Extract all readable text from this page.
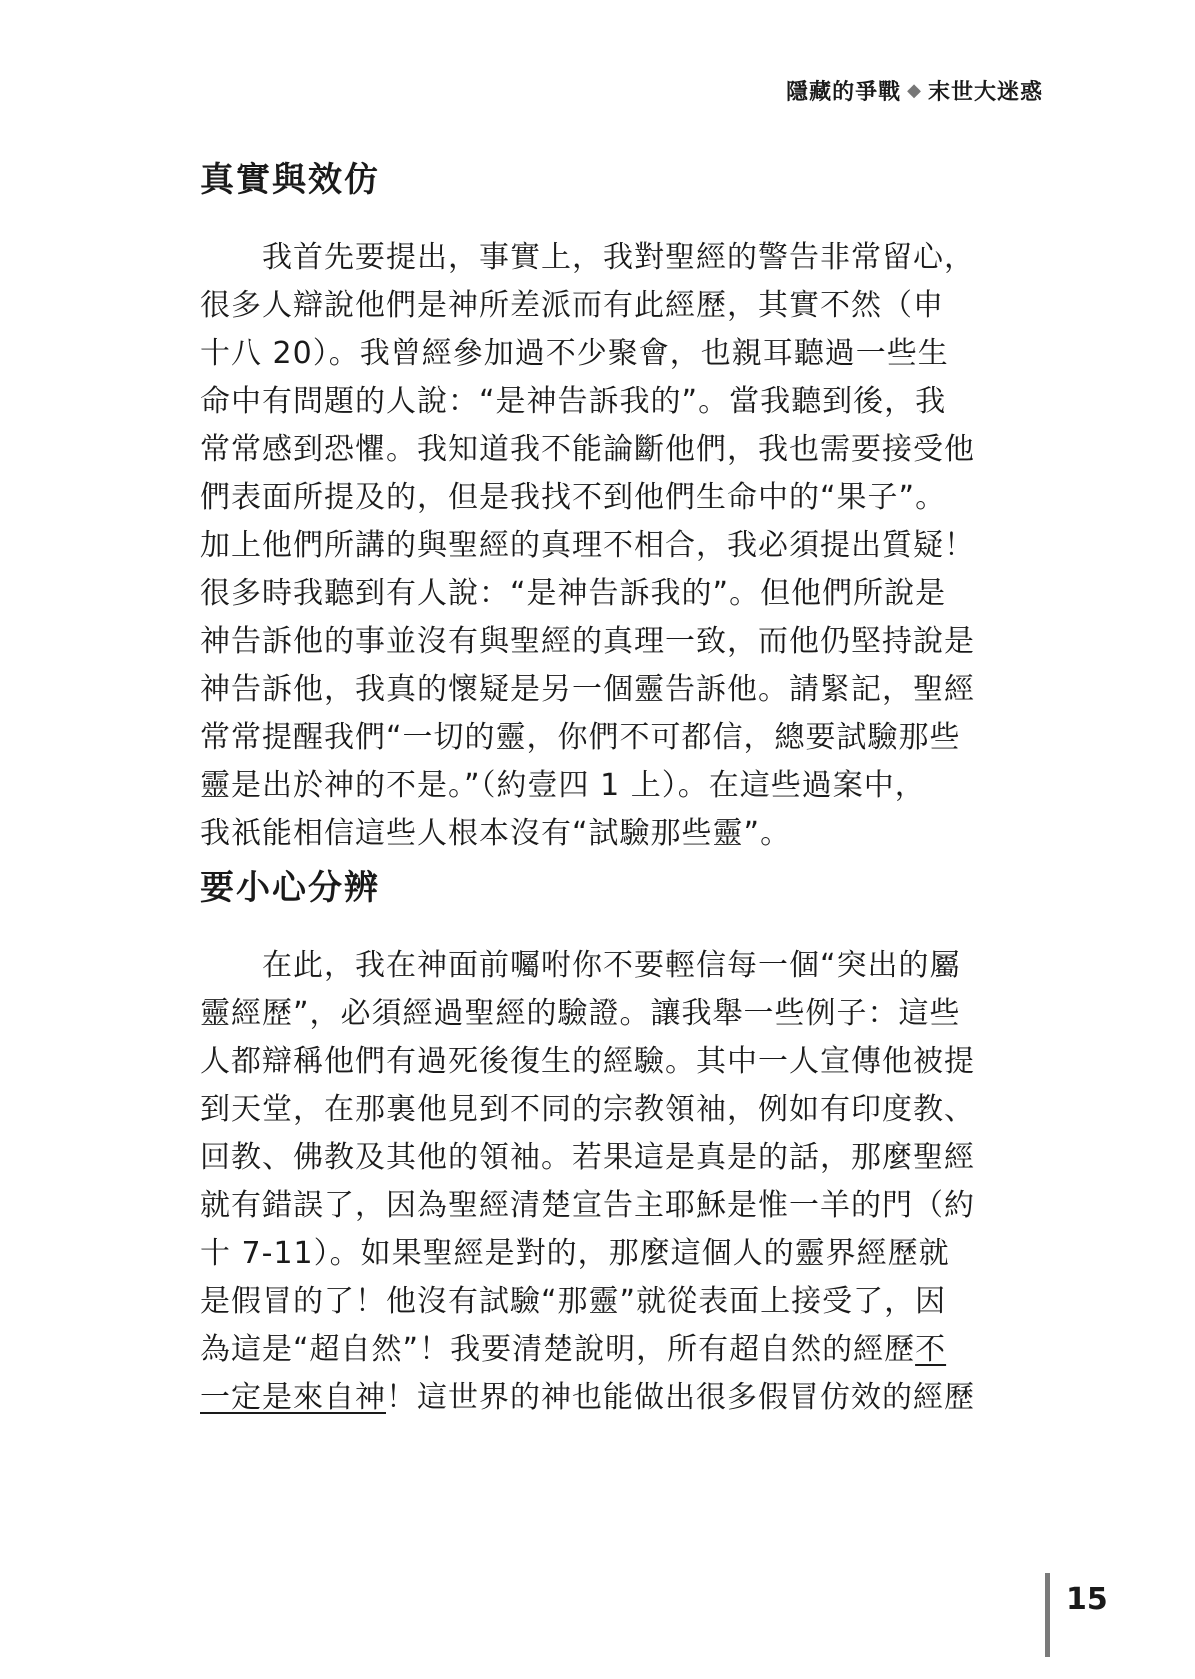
隱藏的爭戰 ◆ 末世大迷惑
真實與效仿
我首先要提出，事實上，我對聖經的警告非常留心，
很多人辯說他們是神所差派而有此經歷，其實不然（申
十八 20）。我曾經參加過不少聚會，也親耳聽過一些生
命中有問題的人說：“是神告訴我的”。當我聽到後，我
常常感到恐懼。我知道我不能論斷他們，我也需要接受他
們表面所提及的，但是我找不到他們生命中的“果子”。
加上他們所講的與聖經的真理不相合，我必須提出質疑！
很多時我聽到有人說：“是神告訴我的”。但他們所說是
神告訴他的事並沒有與聖經的真理一致，而他仍堅持說是
神告訴他，我真的懷疑是另一個靈告訴他。請緊記，聖經
常常提醒我們“一切的靈，你們不可都信，總要試驗那些
靈是出於神的不是。”（約壹四 1 上）。在這些過案中，
我祇能相信這些人根本沒有“試驗那些靈”。
要小心分辨
在此，我在神面前囑咐你不要輕信每一個“突出的屬
靈經歷”，必須經過聖經的驗證。讓我舉一些例子：這些
人都辯稱他們有過死後復生的經驗。其中一人宣傳他被提
到天堂，在那裏他見到不同的宗教領袖，例如有印度教、
回教、佛教及其他的領袖。若果這是真是的話，那麼聖經
就有錯誤了，因為聖經清楚宣告主耶穌是惟一羊的門（約
十 7-11）。如果聖經是對的，那麼這個人的靈界經歷就
是假冒的了！他沒有試驗“那靈”就從表面上接受了，因
為這是“超自然”！我要清楚說明，所有超自然的經歷不
一定是來自神！這世界的神也能做出很多假冒仿效的經歷
15
